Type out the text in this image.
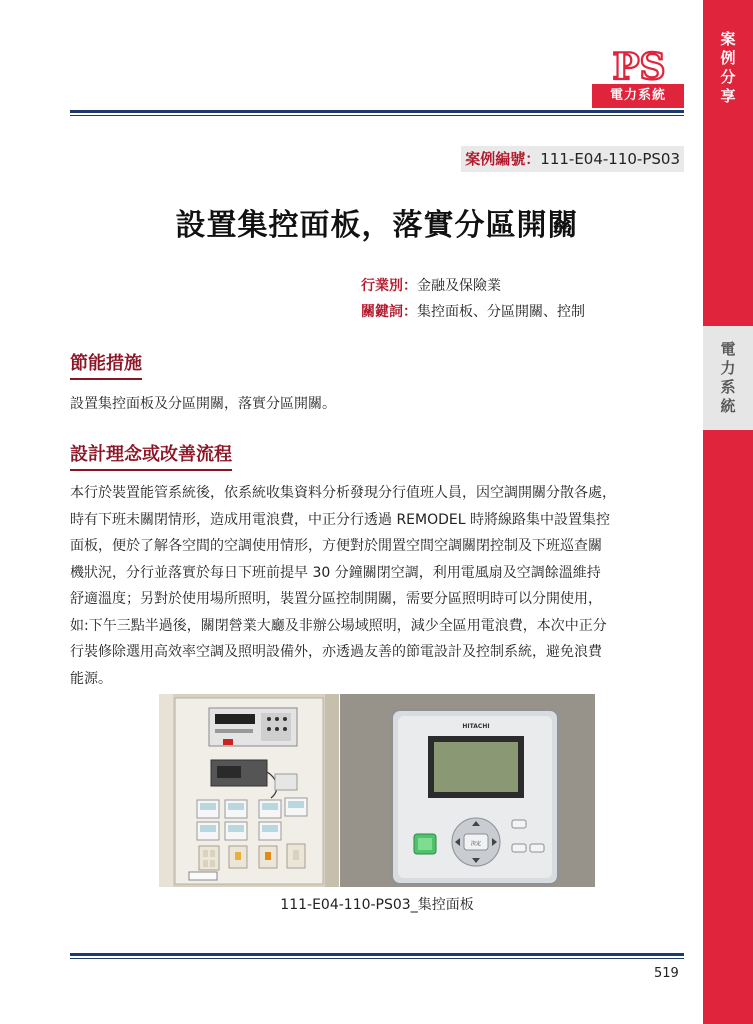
案
例
分
享
電
力
系
統
PS
電力系統
案例編號：111-E04-110-PS03
設置集控面板，落實分區開關
行業別：金融及保險業
關鍵詞：集控面板、分區開關、控制
節能措施
設置集控面板及分區開關，落實分區開關。
設計理念或改善流程
本行於裝置能管系統後，依系統收集資料分析發現分行值班人員，因空調開關分散各處，
時有下班未關閉情形，造成用電浪費，中正分行透過 REMODEL 時將線路集中設置集控
面板，便於了解各空間的空調使用情形，方便對於閒置空間空調關閉控制及下班巡查關
機狀況，分行並落實於每日下班前提早 30 分鐘關閉空調，利用電風扇及空調餘溫維持
舒適溫度；另對於使用場所照明，裝置分區控制開關，需要分區照明時可以分開使用，
如:下午三點半過後，關閉營業大廳及非辦公場域照明，減少全區用電浪費，本次中正分
行裝修除選用高效率空調及照明設備外，亦透過友善的節電設計及控制系統，避免浪費
能源。
HITACHI
決定
111-E04-110-PS03_集控面板
519
